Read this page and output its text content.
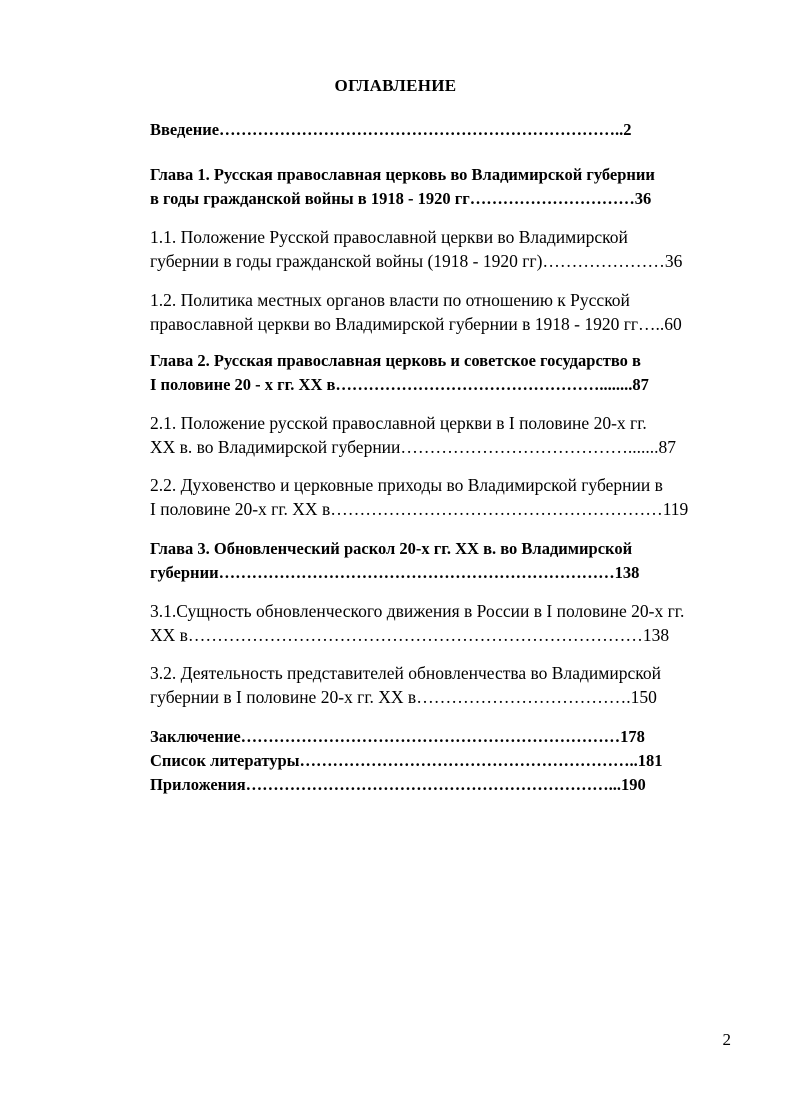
ОГЛАВЛЕНИЕ
Введение………………………………………………………………..2
Глава 1. Русская православная церковь во Владимирской губернии
в годы гражданской войны в 1918 - 1920 гг…………………………36
1.1. Положение Русской православной церкви во Владимирской
губернии в годы гражданской войны (1918 - 1920 гг)…………………36
1.2. Политика местных органов власти по отношению к Русской
православной церкви во Владимирской губернии в 1918 - 1920 гг…..60
Глава 2. Русская православная церковь и советское государство в
I половине 20 - х гг. XX в…………………………………………........87
2.1. Положение русской православной церкви в I половине 20-х гг.
XX в. во Владимирской губернии………………………………….......87
2.2. Духовенство и церковные приходы во Владимирской губернии в
I половине 20-х гг. XX в…………………………………………………119
Глава 3. Обновленческий раскол 20-х гг. XX в. во Владимирской
губернии………………………………………………………………138
3.1.Сущность обновленческого движения в России в I половине 20-х гг.
XX в……………………………………………………………………138
3.2. Деятельность представителей обновленчества во Владимирской
губернии в I половине 20-х гг. XX в……………………………….150
Заключение……………………………………………………………178
Список литературы……………………………………………………..181
Приложения…………………………………………………………...190
2
